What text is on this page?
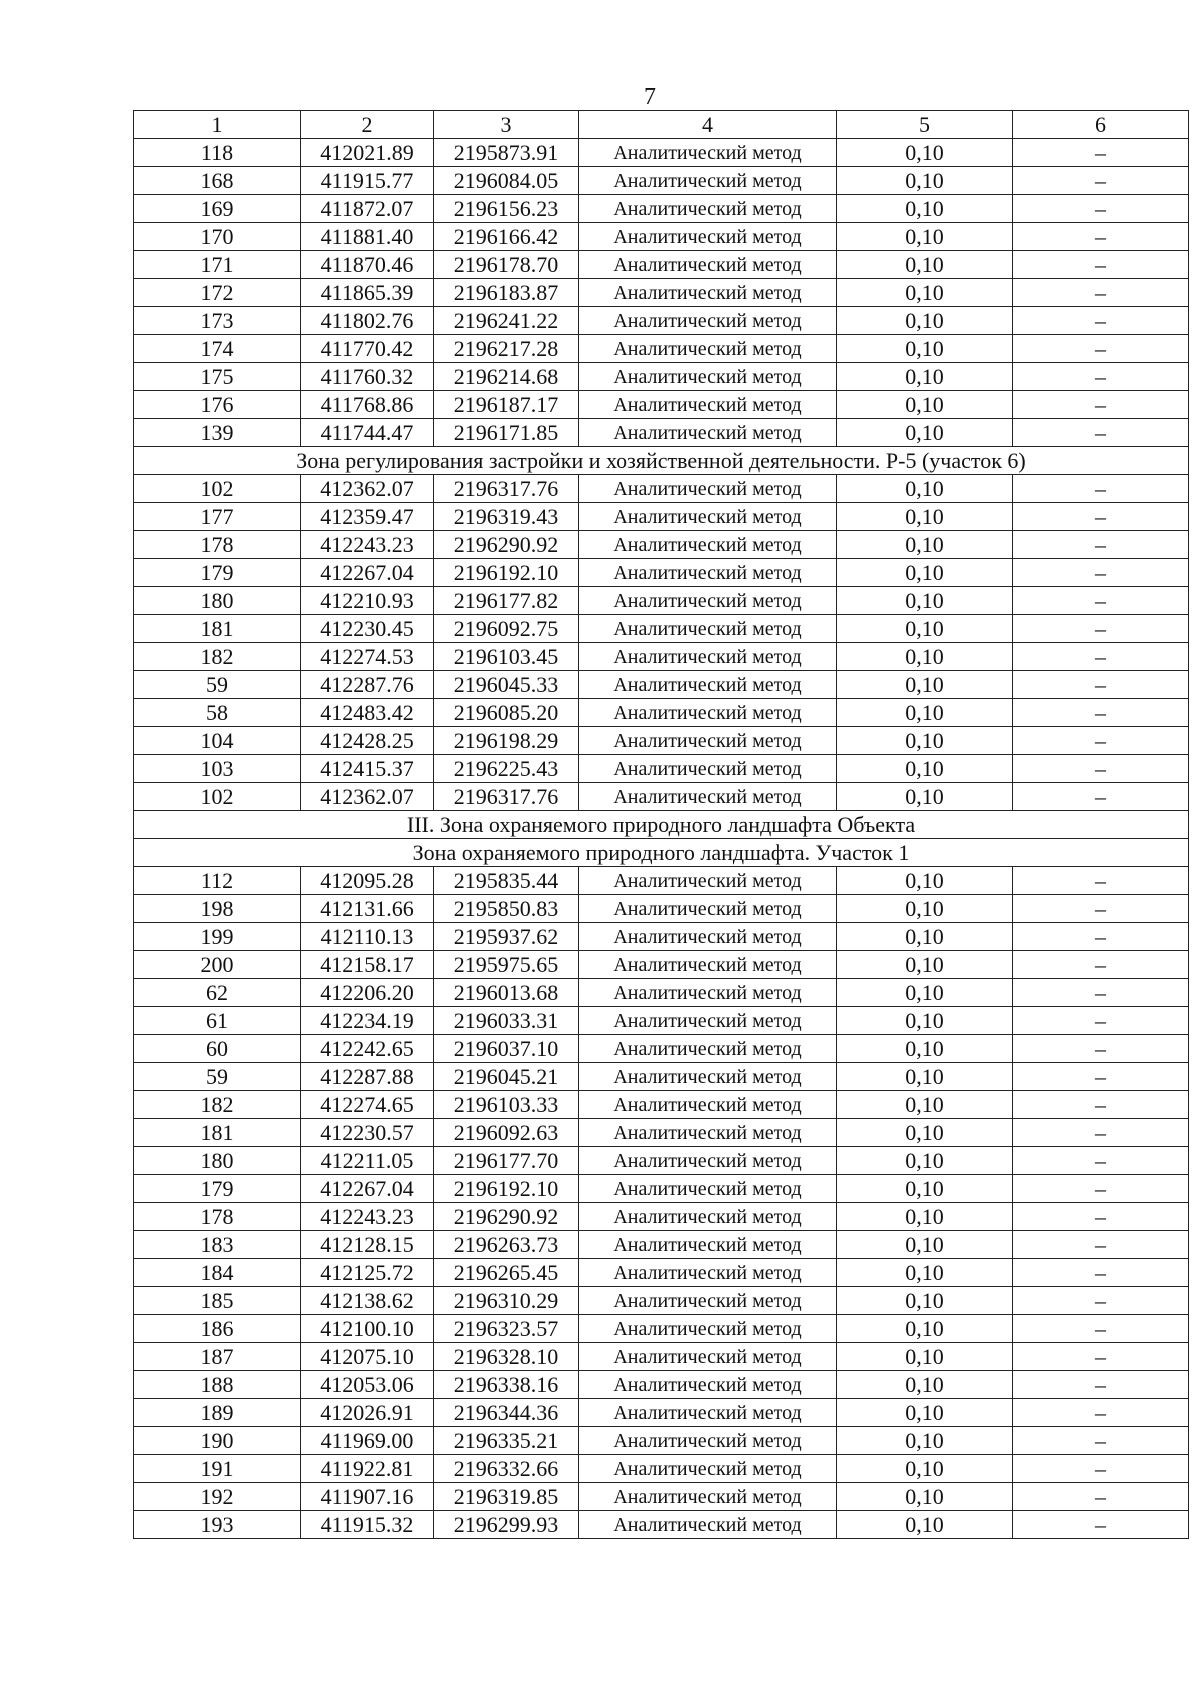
7
1	2	3	4	5	6
118	412021.89	2195873.91	Аналитический метод	0,10	–
168	411915.77	2196084.05	Аналитический метод	0,10	–
169	411872.07	2196156.23	Аналитический метод	0,10	–
170	411881.40	2196166.42	Аналитический метод	0,10	–
171	411870.46	2196178.70	Аналитический метод	0,10	–
172	411865.39	2196183.87	Аналитический метод	0,10	–
173	411802.76	2196241.22	Аналитический метод	0,10	–
174	411770.42	2196217.28	Аналитический метод	0,10	–
175	411760.32	2196214.68	Аналитический метод	0,10	–
176	411768.86	2196187.17	Аналитический метод	0,10	–
139	411744.47	2196171.85	Аналитический метод	0,10	–
Зона регулирования застройки и хозяйственной деятельности. Р-5 (участок 6)					
102	412362.07	2196317.76	Аналитический метод	0,10	–
177	412359.47	2196319.43	Аналитический метод	0,10	–
178	412243.23	2196290.92	Аналитический метод	0,10	–
179	412267.04	2196192.10	Аналитический метод	0,10	–
180	412210.93	2196177.82	Аналитический метод	0,10	–
181	412230.45	2196092.75	Аналитический метод	0,10	–
182	412274.53	2196103.45	Аналитический метод	0,10	–
59	412287.76	2196045.33	Аналитический метод	0,10	–
58	412483.42	2196085.20	Аналитический метод	0,10	–
104	412428.25	2196198.29	Аналитический метод	0,10	–
103	412415.37	2196225.43	Аналитический метод	0,10	–
102	412362.07	2196317.76	Аналитический метод	0,10	–
III. Зона охраняемого природного ландшафта Объекта					
Зона охраняемого природного ландшафта. Участок 1					
112	412095.28	2195835.44	Аналитический метод	0,10	–
198	412131.66	2195850.83	Аналитический метод	0,10	–
199	412110.13	2195937.62	Аналитический метод	0,10	–
200	412158.17	2195975.65	Аналитический метод	0,10	–
62	412206.20	2196013.68	Аналитический метод	0,10	–
61	412234.19	2196033.31	Аналитический метод	0,10	–
60	412242.65	2196037.10	Аналитический метод	0,10	–
59	412287.88	2196045.21	Аналитический метод	0,10	–
182	412274.65	2196103.33	Аналитический метод	0,10	–
181	412230.57	2196092.63	Аналитический метод	0,10	–
180	412211.05	2196177.70	Аналитический метод	0,10	–
179	412267.04	2196192.10	Аналитический метод	0,10	–
178	412243.23	2196290.92	Аналитический метод	0,10	–
183	412128.15	2196263.73	Аналитический метод	0,10	–
184	412125.72	2196265.45	Аналитический метод	0,10	–
185	412138.62	2196310.29	Аналитический метод	0,10	–
186	412100.10	2196323.57	Аналитический метод	0,10	–
187	412075.10	2196328.10	Аналитический метод	0,10	–
188	412053.06	2196338.16	Аналитический метод	0,10	–
189	412026.91	2196344.36	Аналитический метод	0,10	–
190	411969.00	2196335.21	Аналитический метод	0,10	–
191	411922.81	2196332.66	Аналитический метод	0,10	–
192	411907.16	2196319.85	Аналитический метод	0,10	–
193	411915.32	2196299.93	Аналитический метод	0,10	–
